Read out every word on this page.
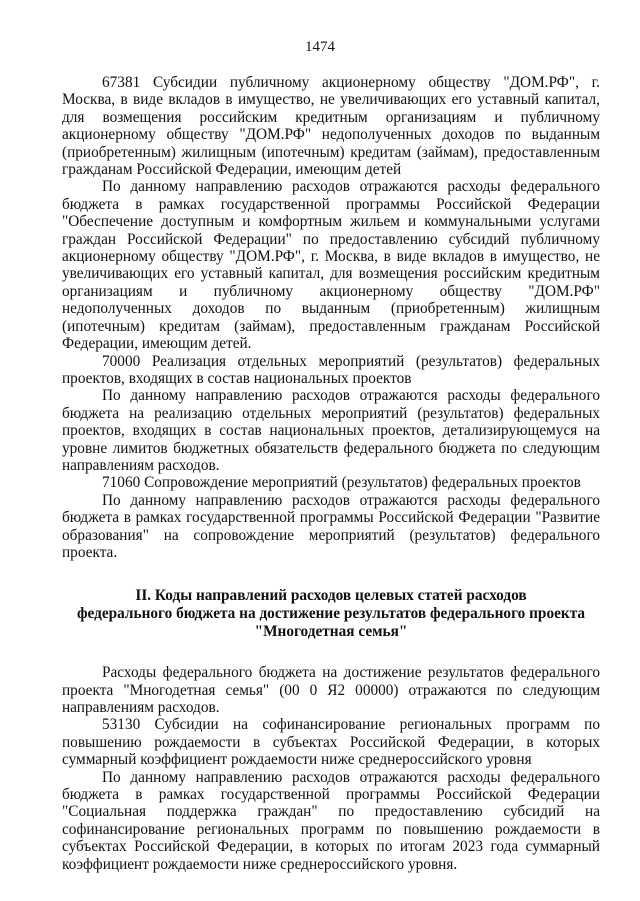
1474

67381 Субсидии публичному акционерному обществу "ДОМ.РФ", г. Москва, в виде вкладов в имущество, не увеличивающих его уставный капитал, для возмещения российским кредитным организациям и публичному акционерному обществу "ДОМ.РФ" недополученных доходов по выданным (приобретенным) жилищным (ипотечным) кредитам (займам), предоставленным гражданам Российской Федерации, имеющим детей

По данному направлению расходов отражаются расходы федерального бюджета в рамках государственной программы Российской Федерации "Обеспечение доступным и комфортным жильем и коммунальными услугами граждан Российской Федерации" по предоставлению субсидий публичному акционерному обществу "ДОМ.РФ", г. Москва, в виде вкладов в имущество, не увеличивающих его уставный капитал, для возмещения российским кредитным организациям и публичному акционерному обществу "ДОМ.РФ" недополученных доходов по выданным (приобретенным) жилищным (ипотечным) кредитам (займам), предоставленным гражданам Российской Федерации, имеющим детей.

70000 Реализация отдельных мероприятий (результатов) федеральных проектов, входящих в состав национальных проектов

По данному направлению расходов отражаются расходы федерального бюджета на реализацию отдельных мероприятий (результатов) федеральных проектов, входящих в состав национальных проектов, детализирующемуся на уровне лимитов бюджетных обязательств федерального бюджета по следующим направлениям расходов.

71060 Сопровождение мероприятий (результатов) федеральных проектов

По данному направлению расходов отражаются расходы федерального бюджета в рамках государственной программы Российской Федерации "Развитие образования" на сопровождение мероприятий (результатов) федерального проекта.

II. Коды направлений расходов целевых статей расходов
федерального бюджета на достижение результатов федерального проекта
"Многодетная семья"

Расходы федерального бюджета на достижение результатов федерального проекта "Многодетная семья" (00 0 Я2 00000) отражаются по следующим направлениям расходов.

53130 Субсидии на софинансирование региональных программ по повышению рождаемости в субъектах Российской Федерации, в которых суммарный коэффициент рождаемости ниже среднероссийского уровня

По данному направлению расходов отражаются расходы федерального бюджета в рамках государственной программы Российской Федерации "Социальная поддержка граждан" по предоставлению субсидий на софинансирование региональных программ по повышению рождаемости в субъектах Российской Федерации, в которых по итогам 2023 года суммарный коэффициент рождаемости ниже среднероссийского уровня.
